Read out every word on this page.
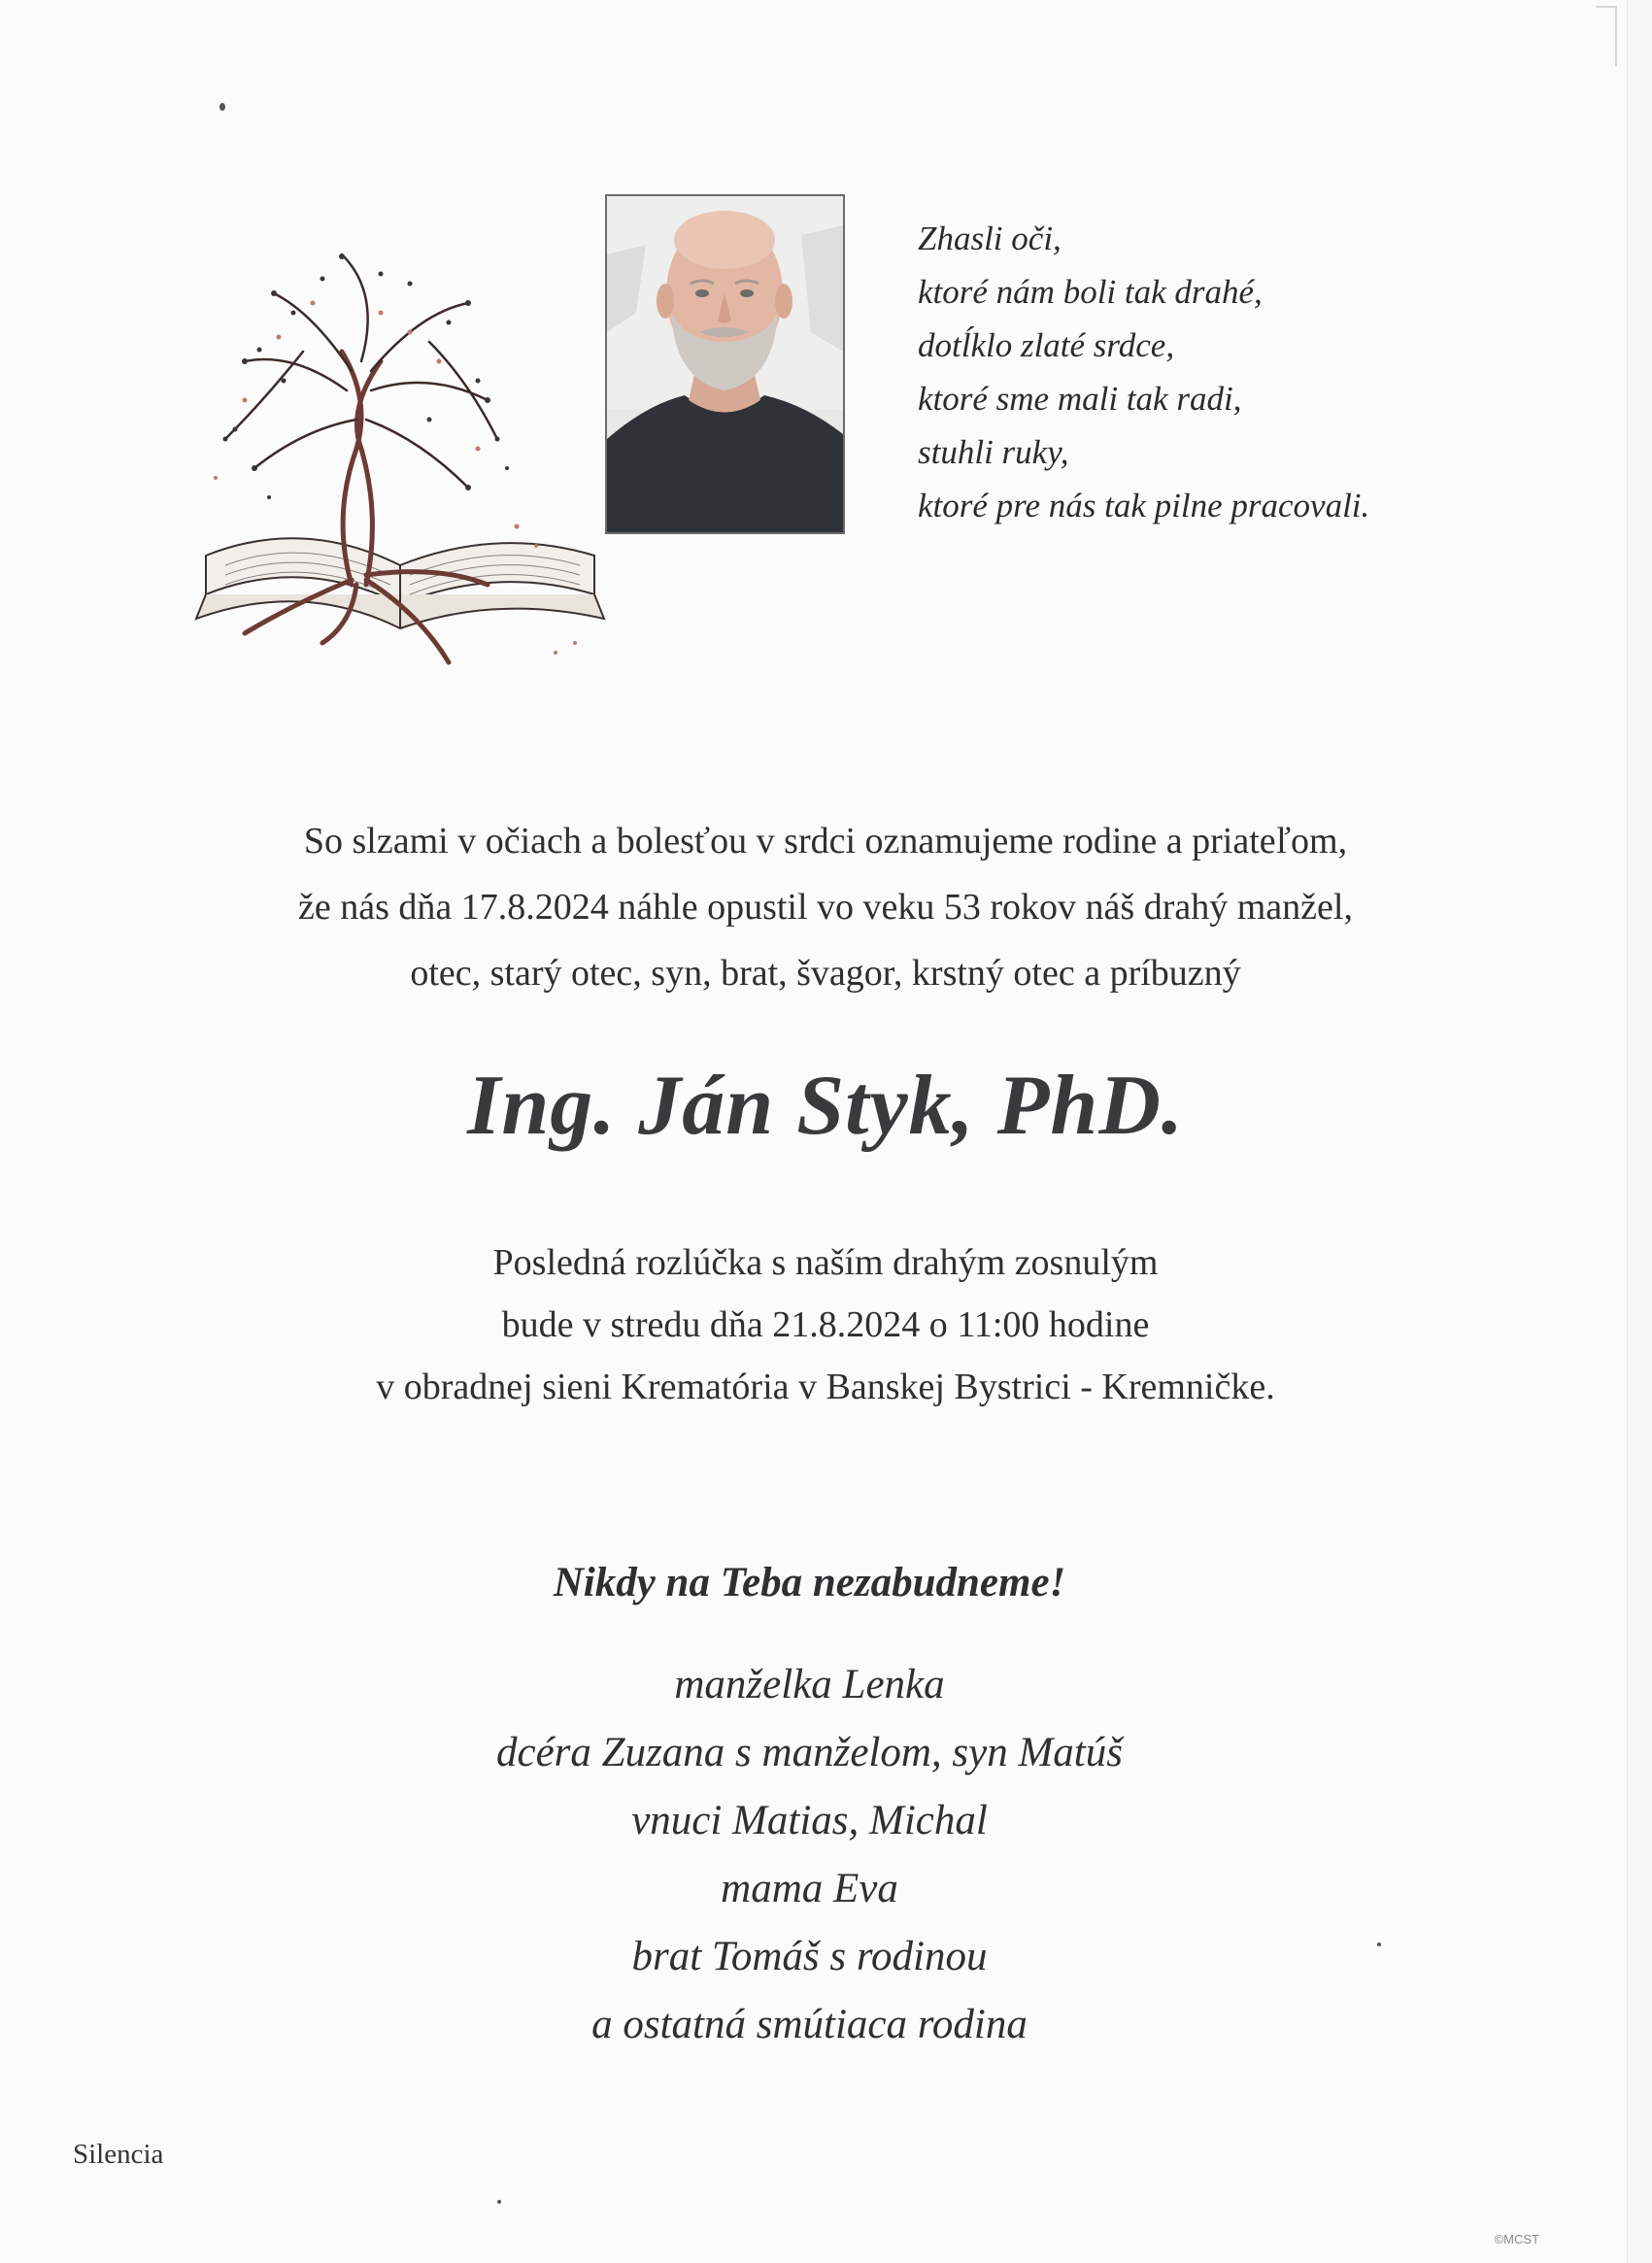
Zhasli oči,
ktoré nám boli tak drahé,
dotĺklo zlaté srdce,
ktoré sme mali tak radi,
stuhli ruky,
ktoré pre nás tak pilne pracovali.
So slzami v očiach a bolesťou v srdci oznamujeme rodine a priateľom,
že nás dňa 17.8.2024 náhle opustil vo veku 53 rokov náš drahý manžel,
otec, starý otec, syn, brat, švagor, krstný otec a príbuzný
Ing. Ján Styk, PhD.
Posledná rozlúčka s naším drahým zosnulým
bude v stredu dňa 21.8.2024 o 11:00 hodine
v obradnej sieni Krematória v Banskej Bystrici - Kremničke.
Nikdy na Teba nezabudneme!
manželka Lenka
dcéra Zuzana s manželom, syn Matúš
vnuci Matias, Michal
mama Eva
brat Tomáš s rodinou
a ostatná smútiaca rodina
Silencia
©MCST
